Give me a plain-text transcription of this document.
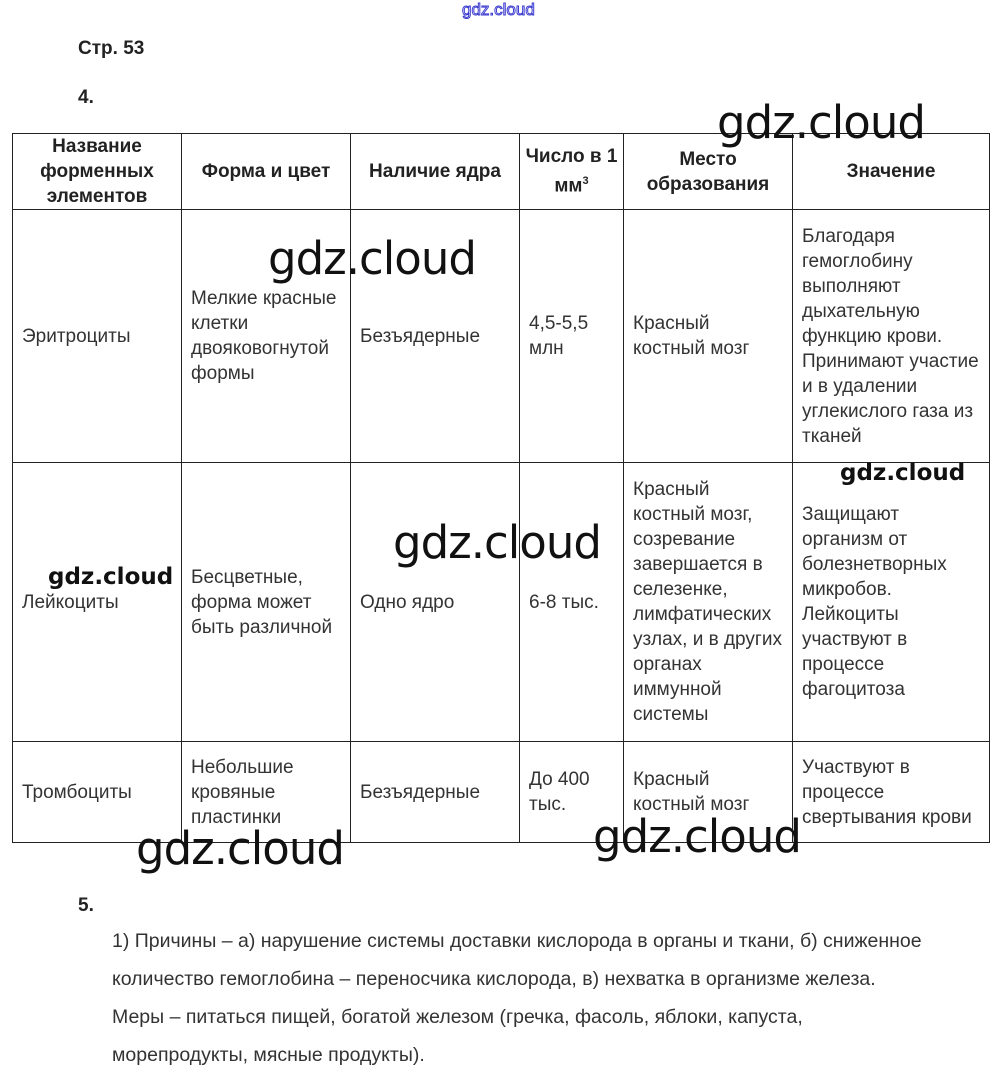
gdz.cloud
Стр. 53
4.
Название форменных элементов	Форма и цвет	Наличие ядра	Число в 1 $мм^3$	Место образования	Значение
Эритроциты	Мелкие красные клетки двояковогнутой формы	Безъядерные	4,5-5,5 млн	Красный костный мозг	Благодаря гемоглобину выполняют дыхательную функцию крови. Принимают участие и в удалении углекислого газа из тканей
Лейкоциты	Бесцветные, форма может быть различной	Одно ядро	6-8 тыс.	Красный костный мозг, созревание завершается в селезенке, лимфатических узлах, и в других органах иммунной системы	Защищают организм от болезнетворных микробов. Лейкоциты участвуют в процессе фагоцитоза
Тромбоциты	Небольшие кровяные пластинки	Безъядерные	До 400 тыс.	Красный костный мозг	Участвуют в процессе свертывания крови
gdz.cloud
gdz.cloud
gdz.cloud
gdz.cloud
gdz.cloud
gdz.cloud	gdz.cloud
5.
1) Причины – а) нарушение системы доставки кислорода в органы и ткани, б) сниженное количество гемоглобина – переносчика кислорода, в) нехватка в организме железа. Меры – питаться пищей, богатой железом (гречка, фасоль, яблоки, капуста, морепродукты, мясные продукты).
